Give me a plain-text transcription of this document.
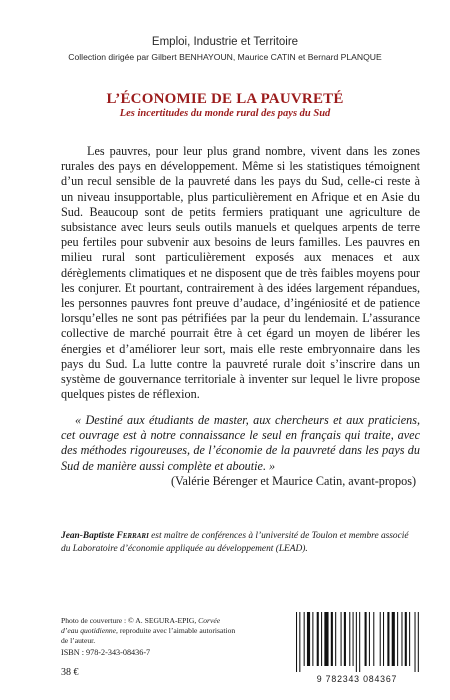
Emploi, Industrie et Territoire
Collection dirigée par Gilbert BENHAYOUN, Maurice CATIN et Bernard PLANQUE
L’ÉCONOMIE DE LA PAUVRETÉ
Les incertitudes du monde rural des pays du Sud

Les pauvres, pour leur plus grand nombre, vivent dans les zones rurales des pays en développement. Même si les statistiques témoignent d’un recul sensible de la pauvreté dans les pays du Sud, celle-ci reste à un niveau insupportable, plus particulièrement en Afrique et en Asie du Sud. Beaucoup sont de petits fermiers pratiquant une agriculture de subsistance avec leurs seuls outils manuels et quelques arpents de terre peu fertiles pour subvenir aux besoins de leurs familles. Les pauvres en milieu rural sont particulièrement exposés aux menaces et aux dérèglements climatiques et ne disposent que de très faibles moyens pour les conjurer. Et pourtant, contrairement à des idées largement répandues, les personnes pauvres font preuve d’audace, d’ingéniosité et de patience lorsqu’elles ne sont pas pétrifiées par la peur du lendemain. L’assurance collective de marché pourrait être à cet égard un moyen de libérer les énergies et d’améliorer leur sort, mais elle reste embryonnaire dans les pays du Sud. La lutte contre la pauvreté rurale doit s’inscrire dans un système de gouvernance territoriale à inventer sur lequel le livre propose quelques pistes de réflexion.

« Destiné aux étudiants de master, aux chercheurs et aux praticiens, cet ouvrage est à notre connaissance le seul en français qui traite, avec des méthodes rigoureuses, de l’économie de la pauvreté dans les pays du Sud de manière aussi complète et aboutie. »

(Valérie Bérenger et Maurice Catin, avant-propos)

Jean-Baptiste Ferrari est maître de conférences à l’université de Toulon et membre associé du Laboratoire d’économie appliquée au développement (LEAD).
Photo de couverture : © A. SEGURA-EPIG, Corvée d’eau quotidienne, reproduite avec l’aimable autorisation de l’auteur.
ISBN : 978-2-343-08436-7
38 €
9 782343 084367
